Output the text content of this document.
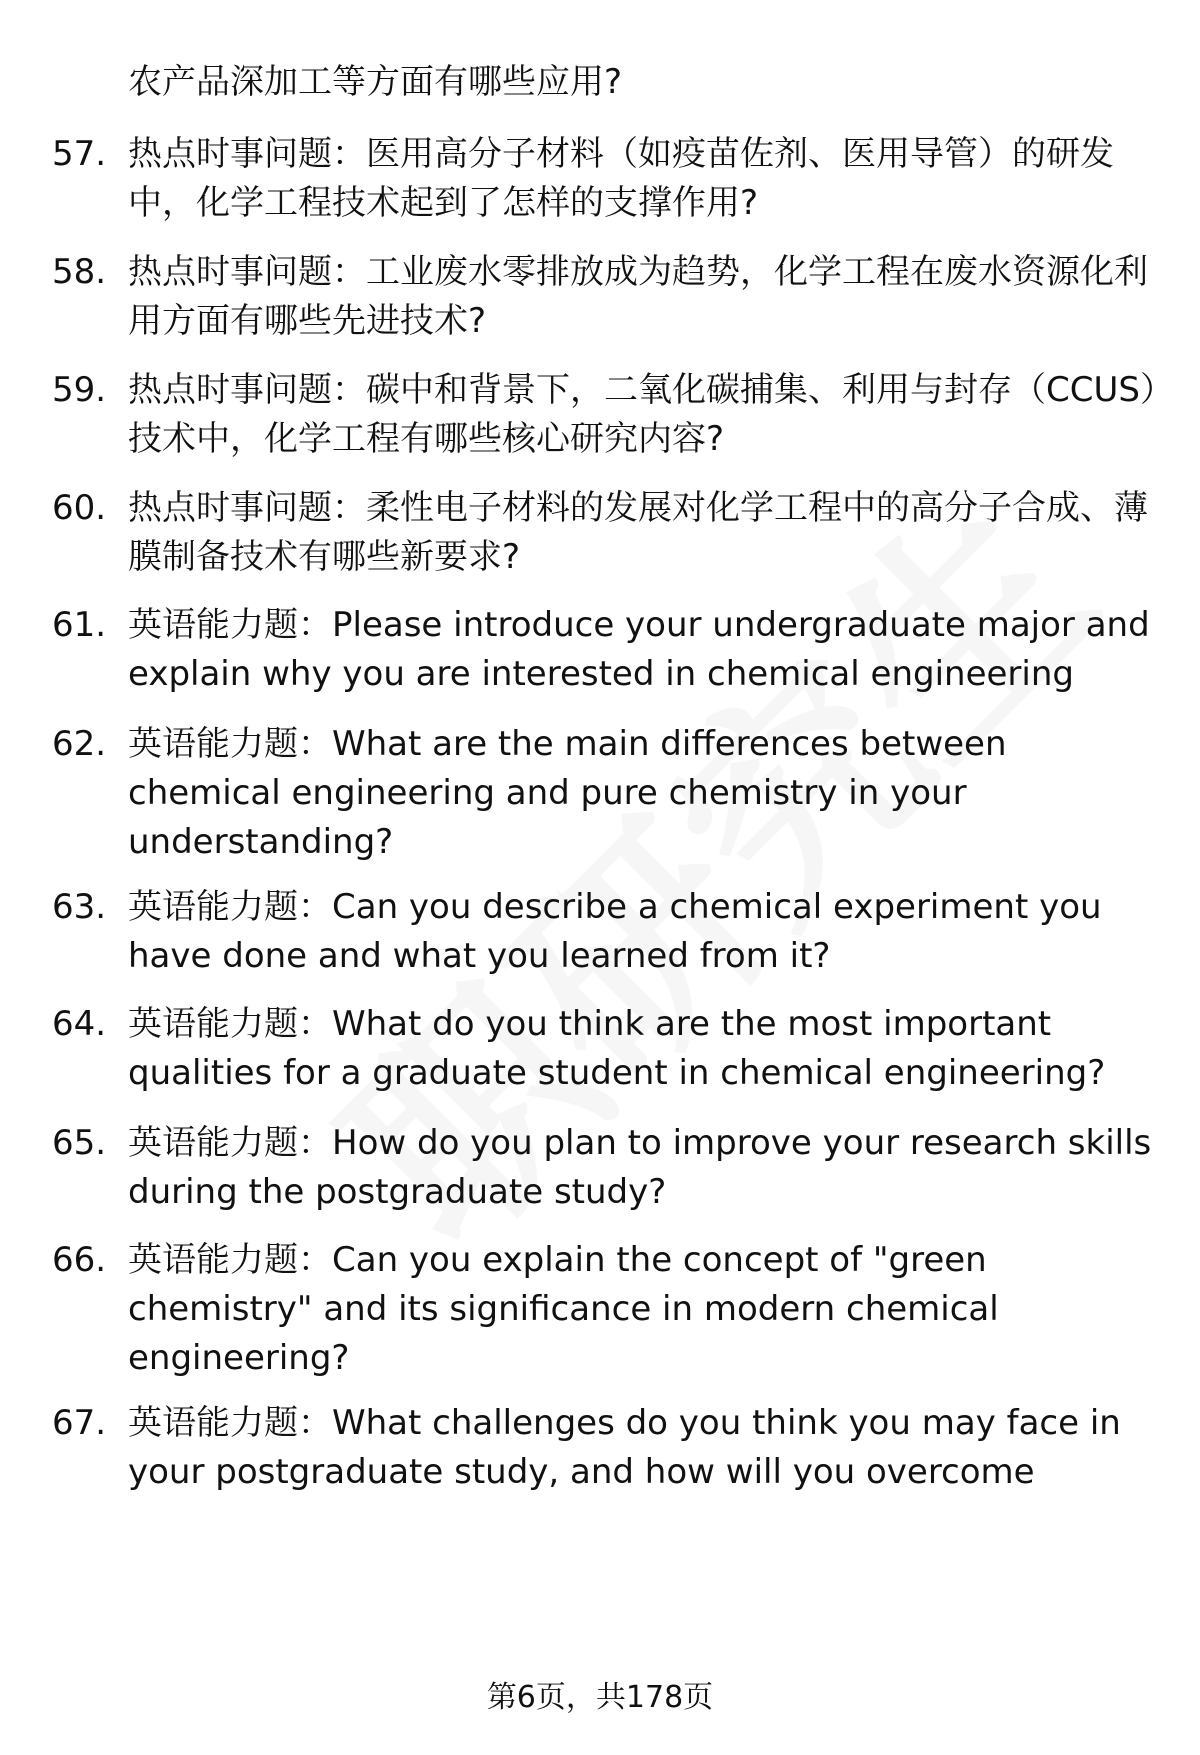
农产品深加工等方面有哪些应用?
57. 热点时事问题：医用高分子材料（如疫苗佐剂、医用导管）的研发中，化学工程技术起到了怎样的支撑作用?
58. 热点时事问题：工业废水零排放成为趋势，化学工程在废水资源化利用方面有哪些先进技术?
59. 热点时事问题：碳中和背景下，二氧化碳捕集、利用与封存（CCUS）技术中，化学工程有哪些核心研究内容?
60. 热点时事问题：柔性电子材料的发展对化学工程中的高分子合成、薄膜制备技术有哪些新要求?
61. 英语能力题：Please introduce your undergraduate major and explain why you are interested in chemical engineering
62. 英语能力题：What are the main differences between chemical engineering and pure chemistry in your understanding?
63. 英语能力题：Can you describe a chemical experiment you have done and what you learned from it?
64. 英语能力题：What do you think are the most important qualities for a graduate student in chemical engineering?
65. 英语能力题：How do you plan to improve your research skills during the postgraduate study?
66. 英语能力题：Can you explain the concept of "green chemistry" and its significance in modern chemical engineering?
67. 英语能力题：What challenges do you think you may face in your postgraduate study, and how will you overcome
第6页，共178页
